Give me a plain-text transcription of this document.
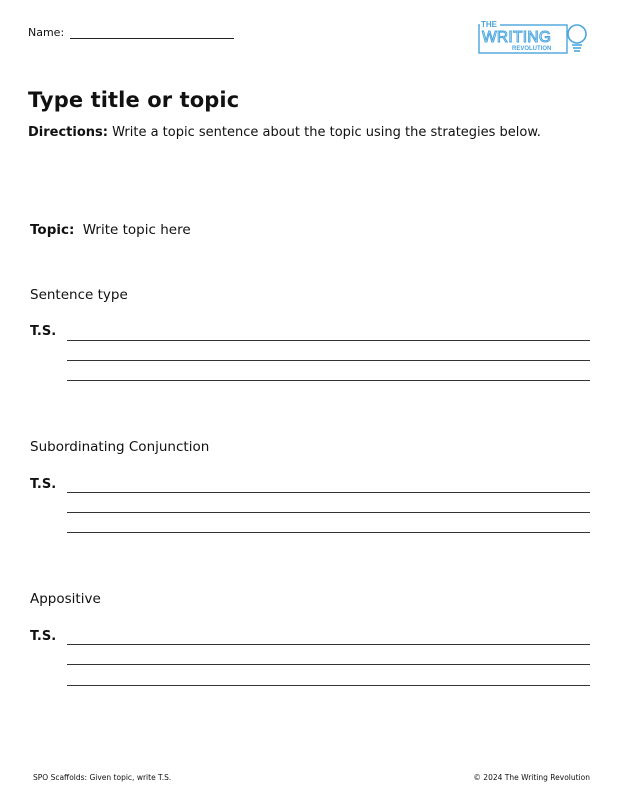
Name:
THE
WRITING
REVOLUTION
Type title or topic
Directions: Write a topic sentence about the topic using the strategies below.
Topic: Write topic here
Sentence type
T.S.
Subordinating Conjunction
T.S.
Appositive
T.S.
SPO Scaffolds: Given topic, write T.S.	© 2024 The Writing Revolution
